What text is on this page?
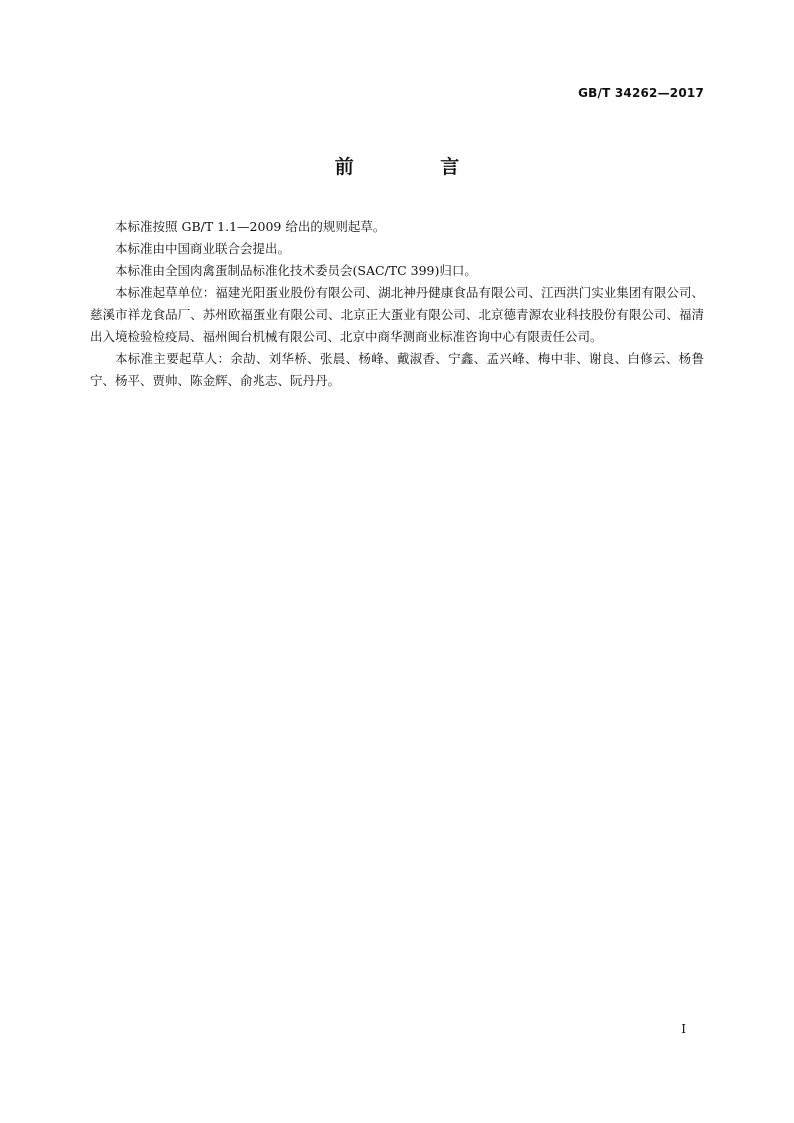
GB/T 34262—2017
前 言

本标准按照 GB/T 1.1—2009 给出的规则起草。

本标准由中国商业联合会提出。

本标准由全国肉禽蛋制品标准化技术委员会(SAC/TC 399)归口。

本标准起草单位：福建光阳蛋业股份有限公司、湖北神丹健康食品有限公司、江西洪门实业集团有限公司、慈溪市祥龙食品厂、苏州欧福蛋业有限公司、北京正大蛋业有限公司、北京德青源农业科技股份有限公司、福清出入境检验检疫局、福州闽台机械有限公司、北京中商华测商业标准咨询中心有限责任公司。

本标准主要起草人：余劼、刘华桥、张晨、杨峰、戴淑香、宁鑫、孟兴峰、梅中非、谢良、白修云、杨鲁宁、杨平、贾帅、陈金辉、俞兆志、阮丹丹。

I
